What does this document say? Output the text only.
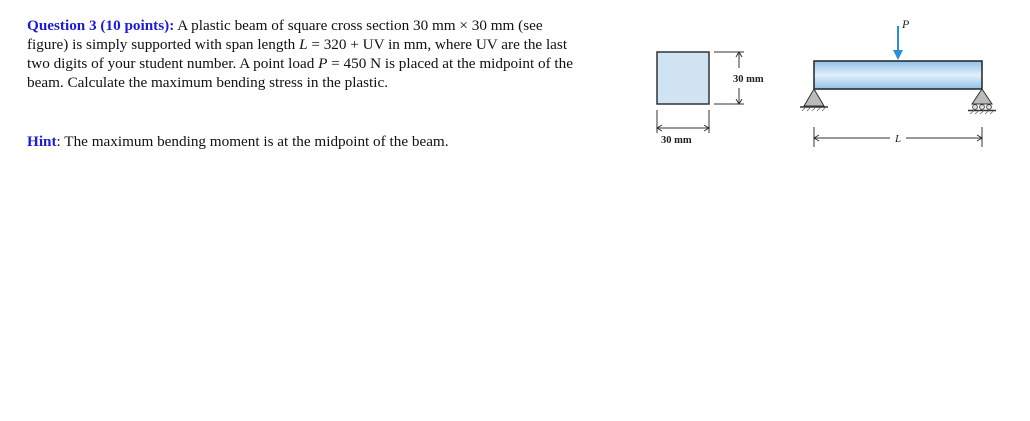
Question 3 (10 points): A plastic beam of square cross section 30 mm × 30 mm (see figure) is simply supported with span length L = 320 + UV in mm, where UV are the last two digits of your student number. A point load P = 450 N is placed at the midpoint of the beam. Calculate the maximum bending stress in the plastic.

Hint: The maximum bending moment is at the midpoint of the beam.
30 mm
30 mm
P
L
